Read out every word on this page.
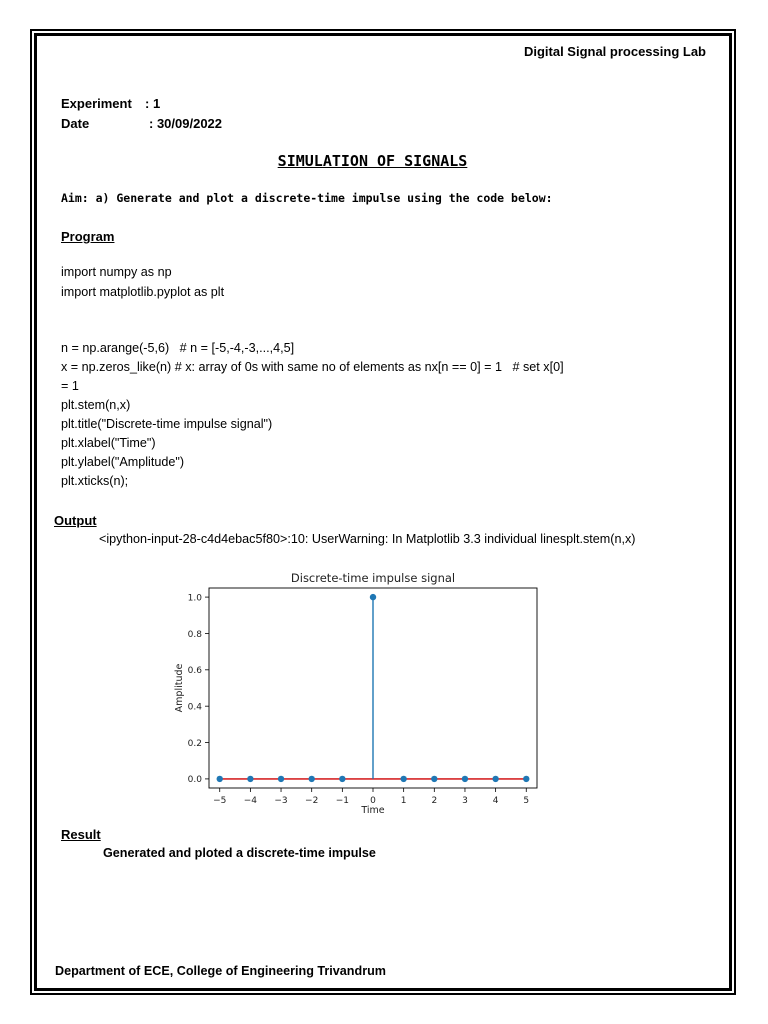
Digital Signal processing Lab
Experiment : 1
Date	: 30/09/2022
SIMULATION OF SIGNALS
Aim: a) Generate and plot a discrete-time impulse using the code below:
Program
import numpy as np
import matplotlib.pyplot as plt
n = np.arange(-5,6)   # n = [-5,-4,-3,...,4,5]
x = np.zeros_like(n) # x: array of 0s with same no of elements as nx[n == 0] = 1   # set x[0]
= 1
plt.stem(n,x)
plt.title("Discrete-time impulse signal")
plt.xlabel("Time")
plt.ylabel("Amplitude")
plt.xticks(n);
Output
<ipython-input-28-c4d4ebac5f80>:10: UserWarning: In Matplotlib 3.3 individual linesplt.stem(n,x)
Discrete-time impulse signal
0.0
0.2
0.4
0.6
0.8
1.0
−5 −4 −3 −2 −1 0	1	2	3	4	5
Time
Amplitude
Result
Generated and ploted a discrete-time impulse
Department of ECE, College of Engineering Trivandrum
